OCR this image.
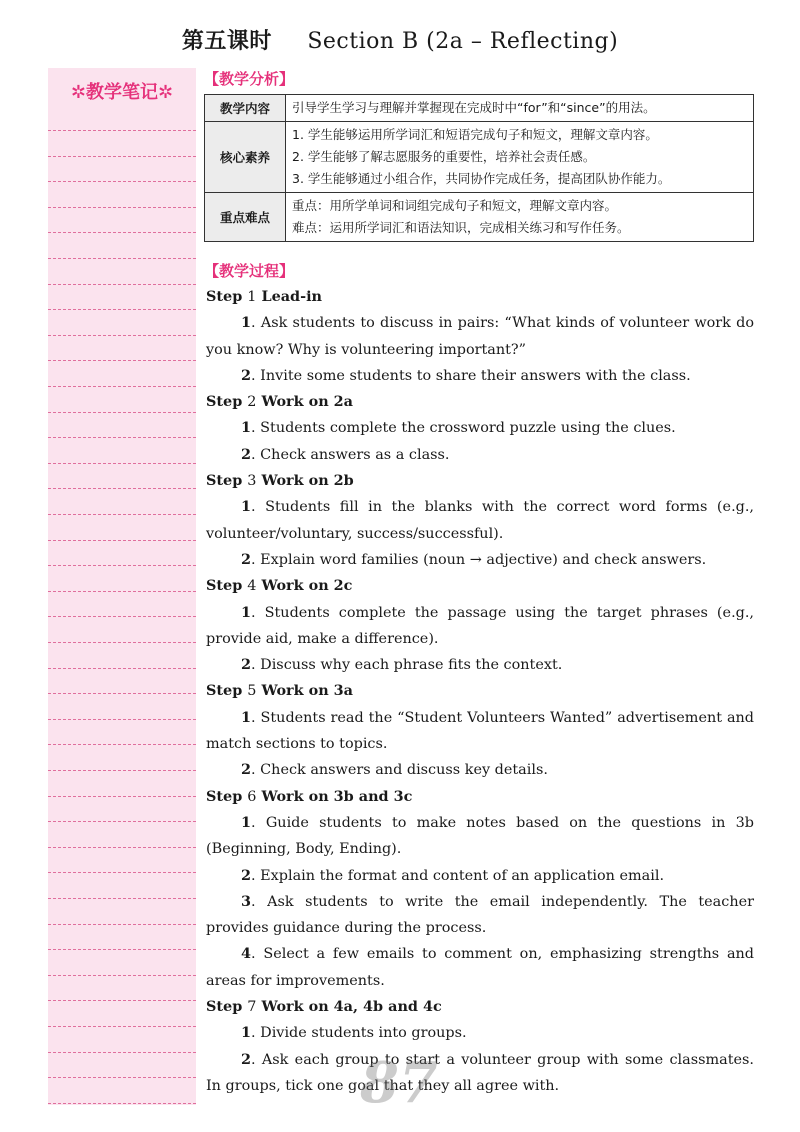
第五课时 Section B (2a – Reflecting)
✲教学笔记✲
【教学分析】
教学内容	引导学生学习与理解并掌握现在完成时中“for”和“since”的用法。

核心素养	1. 学生能够运用所学词汇和短语完成句子和短文，理解文章内容。
2. 学生能够了解志愿服务的重要性，培养社会责任感。
3. 学生能够通过小组合作，共同协作完成任务，提高团队协作能力。

重点难点	重点：用所学单词和词组完成句子和短文，理解文章内容。
难点：运用所学词汇和语法知识，完成相关练习和写作任务。
【教学过程】
Step 1 Lead-in
1. Ask students to discuss in pairs: “What kinds of volunteer work do you know? Why is volunteering important?”
2. Invite some students to share their answers with the class.
Step 2 Work on 2a
1. Students complete the crossword puzzle using the clues.
2. Check answers as a class.
Step 3 Work on 2b
1. Students fill in the blanks with the correct word forms (e.g., volunteer/voluntary, success/successful).
2. Explain word families (noun → adjective) and check answers.
Step 4 Work on 2c
1. Students complete the passage using the target phrases (e.g., provide aid, make a difference).
2. Discuss why each phrase fits the context.
Step 5 Work on 3a
1. Students read the “Student Volunteers Wanted” advertisement and match sections to topics.
2. Check answers and discuss key details.
Step 6 Work on 3b and 3c
1. Guide students to make notes based on the questions in 3b (Beginning, Body, Ending).
2. Explain the format and content of an application email.
3. Ask students to write the email independently. The teacher provides guidance during the process.
4. Select a few emails to comment on, emphasizing strengths and areas for improvements.
Step 7 Work on 4a, 4b and 4c
1. Divide students into groups.
2. Ask each group to start a volunteer group with some classmates. In groups, tick one goal that they all agree with.
87
